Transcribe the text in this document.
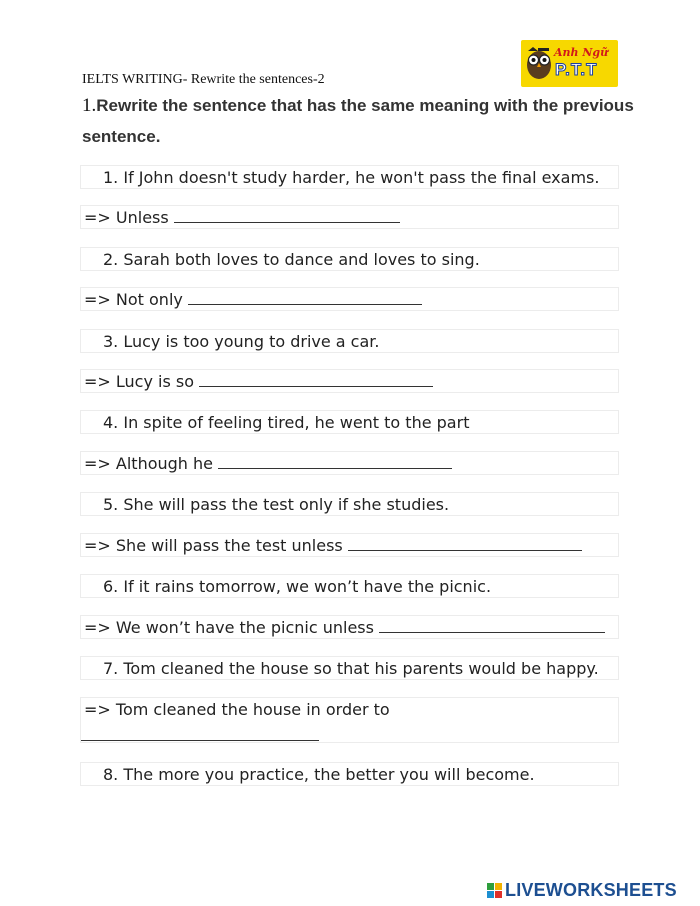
IELTS WRITING- Rewrite the sentences-2
1.Rewrite the sentence that has the same meaning with the previous sentence.
Anh Ngữ
P.T.T
1. If John doesn't study harder, he won't pass the final exams.
=> Unless
2. Sarah both loves to dance and loves to sing.
=> Not only
3. Lucy is too young to drive a car.
=> Lucy is so
4. In spite of feeling tired, he went to the part
=> Although he
5. She will pass the test only if she studies.
=> She will pass the test unless
6. If it rains tomorrow, we won’t have the picnic.
=> We won’t have the picnic unless
7. Tom cleaned the house so that his parents would be happy.
=> Tom cleaned the house in order to
8. The more you practice, the better you will become.
LIVEWORKSHEETS
